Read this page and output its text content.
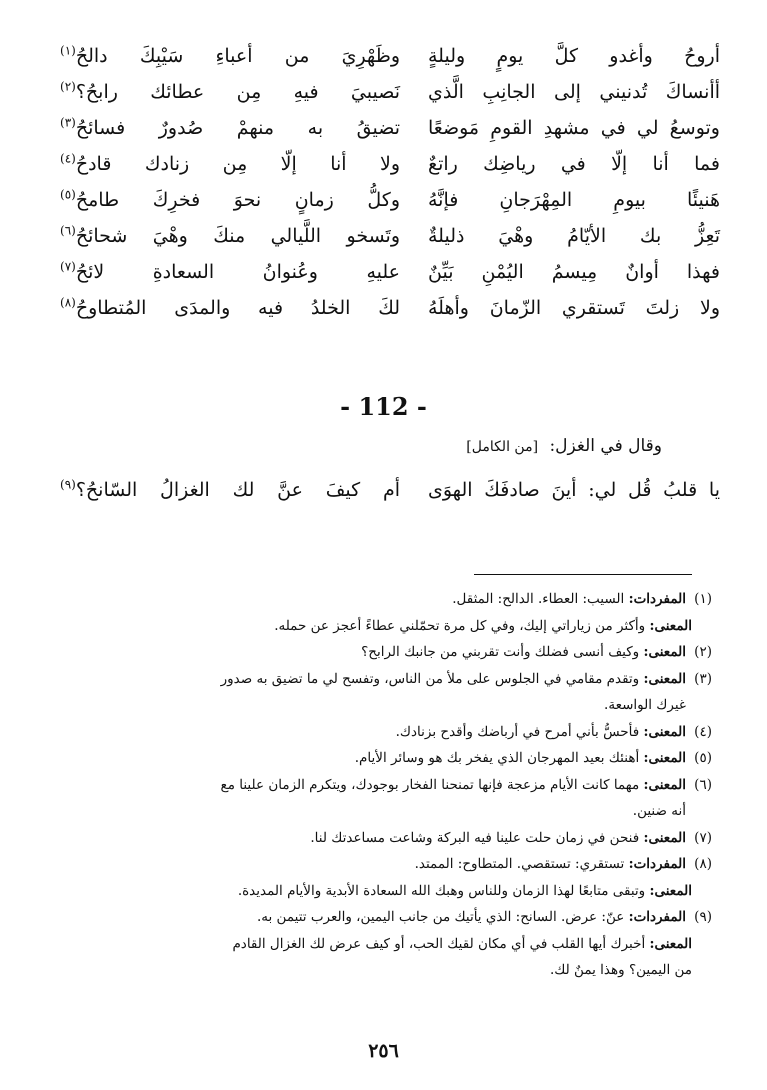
أروحُ وأغدو كلَّ يومٍ وليلةٍ
وظَهْرِيَ من أعباءِ سَيْبِكَ دالحُ$^{(١)}$
أأنساكَ تُدنيني إلى الجانِبِ الَّذي
نَصيبيَ فيهِ مِن عطائك رابحُ؟$^{(٢)}$
وتوسعُ لي في مشهدِ القومِ مَوضعًا
تضيقُ به منهمْ صُدورٌ فسائحُ$^{(٣)}$
فما أنا إلّا في رياضِك راتعٌ
ولا أنا إلّا مِن زنادك قادحُ$^{(٤)}$
هَنيئًا بيومِ المِهْرَجانِ فإنَّهُ
وكلُّ زمانٍ نحوَ فخرِكَ طامحُ$^{(٥)}$
تَعِزُّ بك الأيّامُ وهْيَ ذليلةٌ
وتَسخو اللَّيالي منكَ وهْيَ شحائحُ$^{(٦)}$
فهذا أوانٌ مِيسمُ اليُمْنِ بَيِّنٌ
عليهِ وعُنوانُ السعادةِ لائحُ$^{(٧)}$
ولا زلتَ تَستقري الزّمانَ وأهلَهُ
لكَ الخلدُ فيه والمدَى المُتطاوحُ$^{(٨)}$
- 112 -
وقال في الغزل: [من الكامل]
يا قلبُ قُل لي: أينَ صادفَكَ الهوَى
أم كيفَ عنَّ لك الغزالُ السّانحُ؟$^{(٩)}$
(١)المفردات: السيب: العطاء. الدالح: المثقل.
المعنى: وأكثر من زياراتي إليك، وفي كل مرة تحمّلني عطاءً أعجز عن حمله.
(٢)المعنى: وكيف أنسى فضلك وأنت تقربني من جانبك الرابح؟
(٣)المعنى: وتقدم مقامي في الجلوس على ملأ من الناس، وتفسح لي ما تضيق به صدور
غيرك الواسعة.
(٤)المعنى: فأحسُّ بأني أمرح في أرباضك وأقدح بزنادك.
(٥)المعنى: أهنئك بعيد المهرجان الذي يفخر بك هو وسائر الأيام.
(٦)المعنى: مهما كانت الأيام مزعجة فإنها تمنحنا الفخار بوجودك، ويتكرم الزمان علينا مع
أنه ضنين.
(٧)المعنى: فنحن في زمان حلت علينا فيه البركة وشاعت مساعدتك لنا.
(٨)المفردات: تستقري: تستقصي. المتطاوح: الممتد.
المعنى: وتبقى متابعًا لهذا الزمان وللناس وهبك الله السعادة الأبدية والأيام المديدة.
(٩)المفردات: عنّ: عرض. السانح: الذي يأتيك من جانب اليمين، والعرب تتيمن به.
المعنى: أخبرك أيها القلب في أي مكان لقيك الحب، أو كيف عرض لك الغزال القادم
من اليمين؟ وهذا يمنٌ لك.
٢٥٦
